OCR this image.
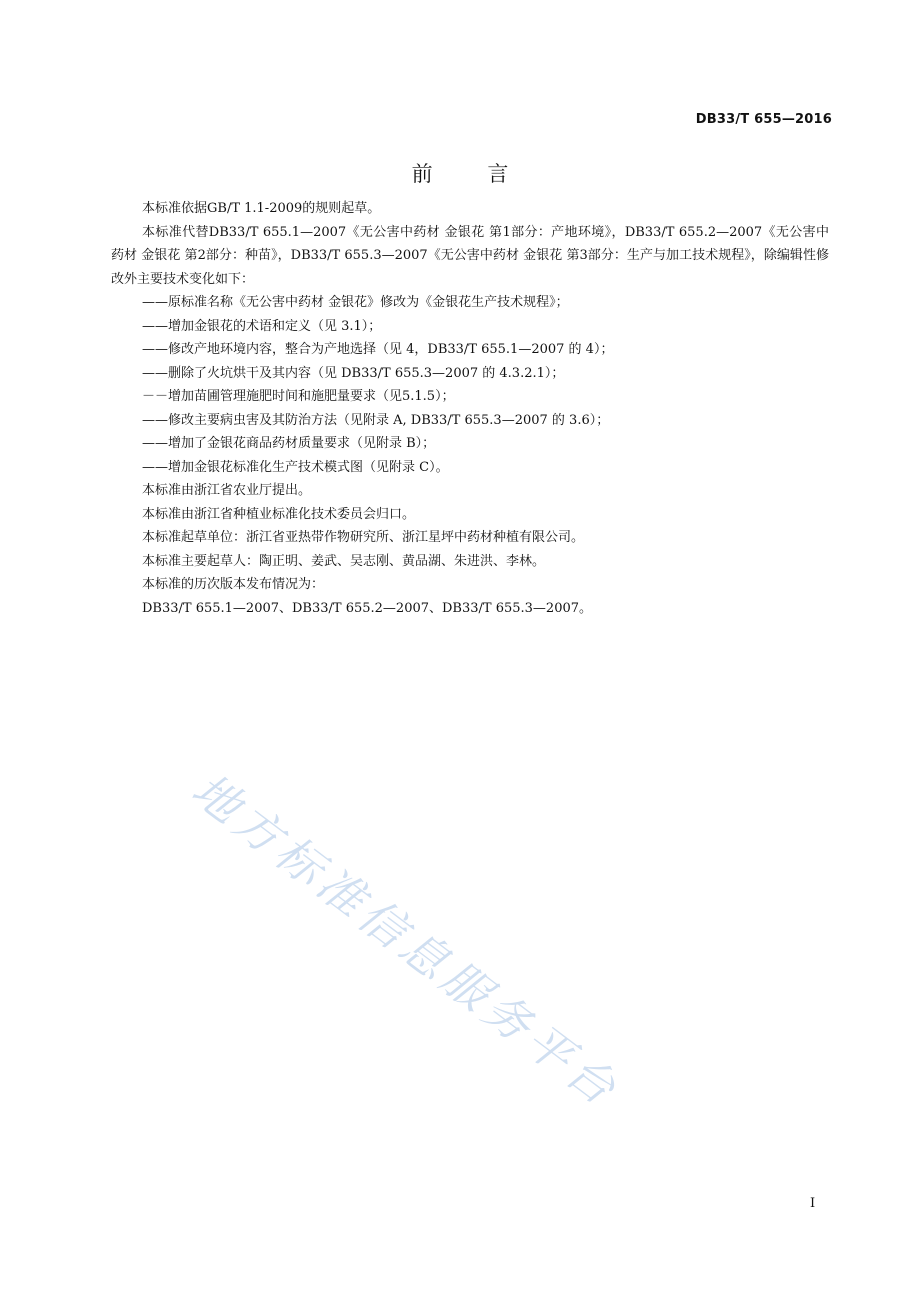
DB33/T 655—2016
前 言

本标准依据GB/T 1.1-2009的规则起草。

本标准代替DB33/T 655.1—2007《无公害中药材 金银花 第1部分：产地环境》，DB33/T 655.2—2007《无公害中药材 金银花 第2部分：种苗》，DB33/T 655.3—2007《无公害中药材 金银花 第3部分：生产与加工技术规程》，除编辑性修改外主要技术变化如下：

——原标准名称《无公害中药材 金银花》修改为《金银花生产技术规程》；

——增加金银花的术语和定义（见 3.1）；

——修改产地环境内容，整合为产地选择（见 4，DB33/T 655.1—2007 的 4）；

——删除了火坑烘干及其内容（见 DB33/T 655.3—2007 的 4.3.2.1）；

－－增加苗圃管理施肥时间和施肥量要求（见5.1.5）；

——修改主要病虫害及其防治方法（见附录 A, DB33/T 655.3—2007 的 3.6）；

——增加了金银花商品药材质量要求（见附录 B）；

——增加金银花标准化生产技术模式图（见附录 C）。

本标准由浙江省农业厅提出。

本标准由浙江省种植业标准化技术委员会归口。

本标准起草单位：浙江省亚热带作物研究所、浙江星坪中药材种植有限公司。

本标准主要起草人：陶正明、姜武、吴志刚、黄品湖、朱进洪、李林。

本标准的历次版本发布情况为：

DB33/T 655.1—2007、DB33/T 655.2—2007、DB33/T 655.3—2007。

地方标准信息服务平台
I
